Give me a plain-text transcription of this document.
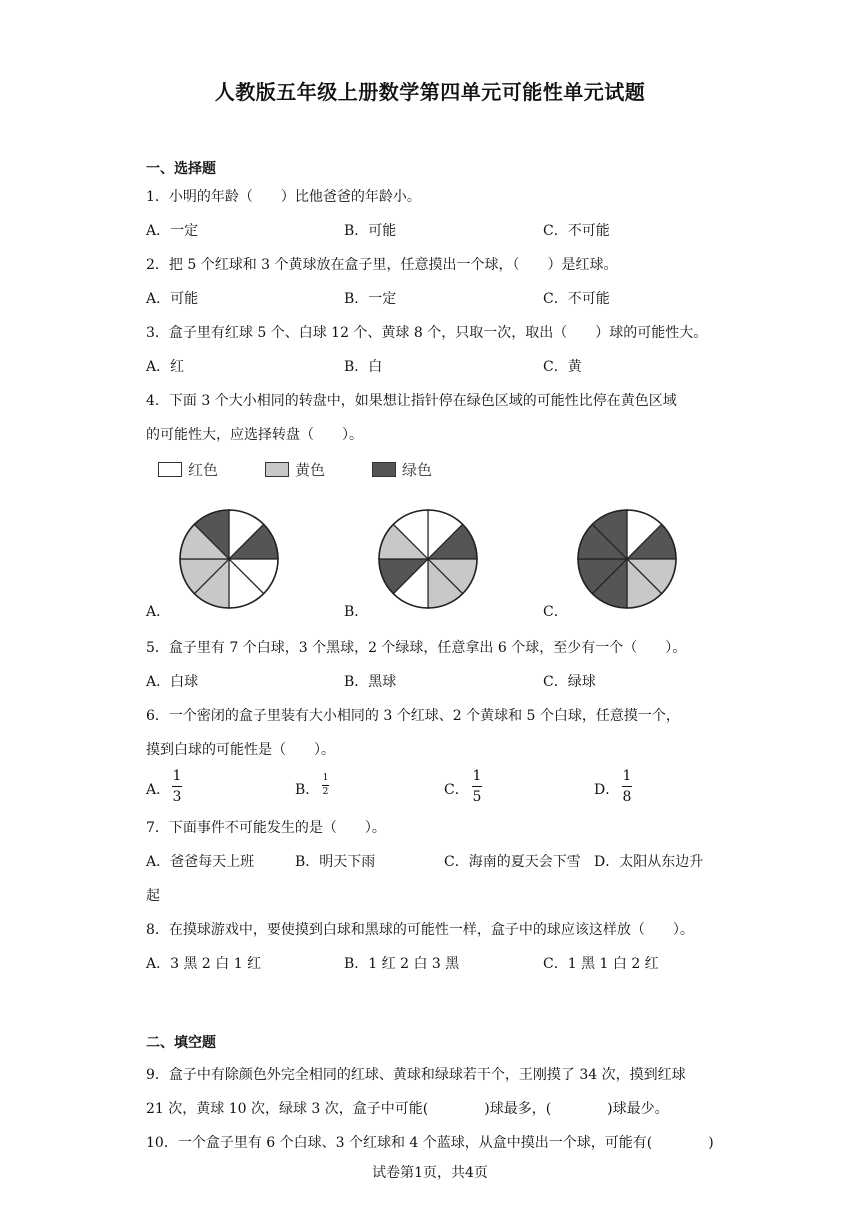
人教版五年级上册数学第四单元可能性单元试题
一、选择题
1．小明的年龄（　　）比他爸爸的年龄小。
A．一定	B．可能	C．不可能
2．把 5 个红球和 3 个黄球放在盒子里，任意摸出一个球，（　　）是红球。
A．可能	B．一定	C．不可能
3．盒子里有红球 5 个、白球 12 个、黄球 8 个，只取一次，取出（　　）球的可能性大。
A．红	B．白	C．黄
4．下面 3 个大小相同的转盘中，如果想让指针停在绿色区域的可能性比停在黄色区域
的可能性大，应选择转盘（　　）。
红色	黄色	绿色
A．	B．	C．
5．盒子里有 7 个白球，3 个黑球，2 个绿球，任意拿出 6 个球，至少有一个（　　）。
A．白球	B．黑球	C．绿球
6．一个密闭的盒子里装有大小相同的 3 个红球、2 个黄球和 5 个白球，任意摸一个，
摸到白球的可能性是（　　）。
A．
1
3	B．
1
2	C．
1
5	D．
1
8
7．下面事件不可能发生的是（　　）。
A．爸爸每天上班	B．明天下雨	C．海南的夏天会下雪 D．太阳从东边升
起
8．在摸球游戏中，要使摸到白球和黑球的可能性一样，盒子中的球应该这样放（　　）。
A．3 黑 2 白 1 红	B．1 红 2 白 3 黑	C．1 黑 1 白 2 红
二、填空题
9．盒子中有除颜色外完全相同的红球、黄球和绿球若干个，王刚摸了 34 次，摸到红球
21 次，黄球 10 次，绿球 3 次，盒子中可能(　　　　)球最多，(　　　　)球最少。
10．一个盒子里有 6 个白球、3 个红球和 4 个蓝球，从盒中摸出一个球，可能有(　　　　)
试卷第1页，共4页
